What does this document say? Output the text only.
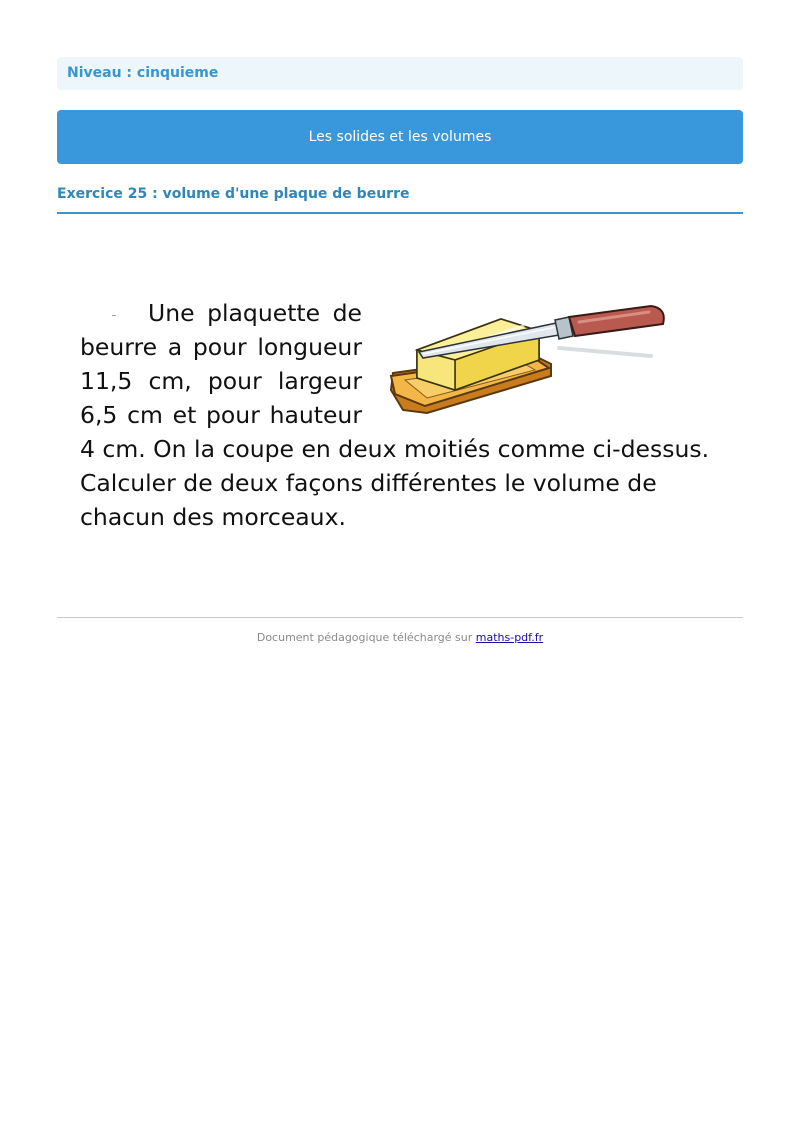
Niveau : cinquieme
Les solides et les volumes
Exercice 25 : volume d'une plaque de beurre
Une plaquette de
beurre a pour longueur
11,5 cm, pour largeur
6,5 cm et pour hauteur
4 cm. On la coupe en deux moitiés comme ci-dessus.
Calculer de deux façons différentes le volume de
chacun des morceaux.
Document pédagogique téléchargé sur maths-pdf.fr
